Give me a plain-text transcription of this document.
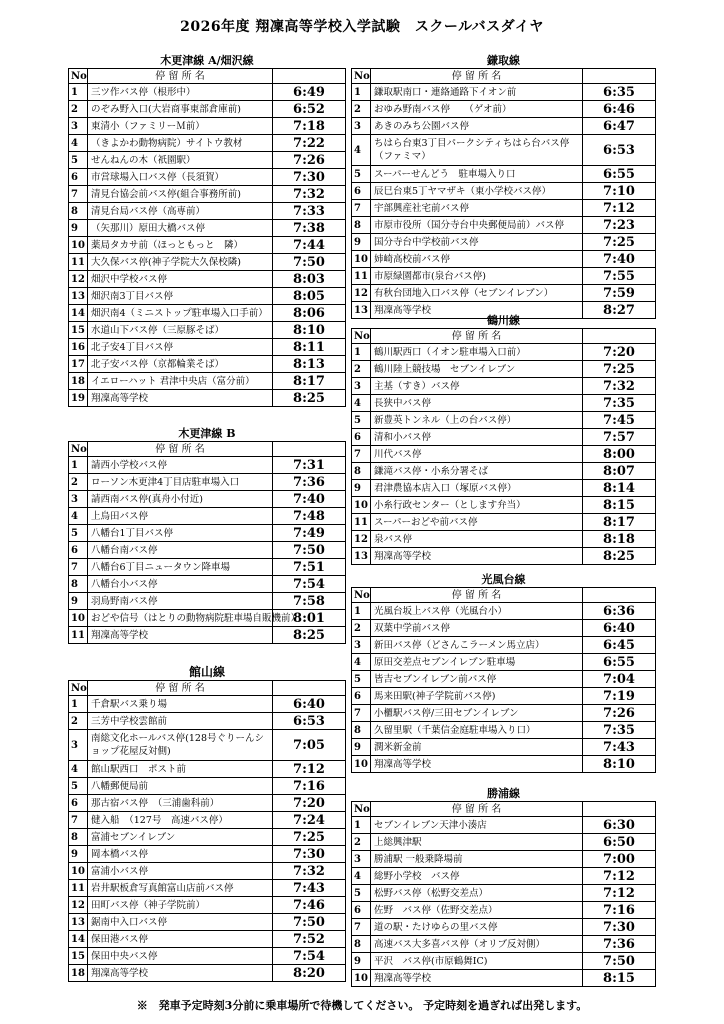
2026年度 翔凜高等学校入学試験　スクールバスダイヤ
木更津線 A/畑沢線
No	停 留 所 名	
1	三ツ作バス停（根形中）	6:49
2	のぞみ野入口(大岩商事東部倉庫前)	6:52
3	東清小（ファミリーＭ前）	7:18
4	（きよかわ動物病院）サイトウ教材	7:22
5	せんねんの木（祇園駅）	7:26
6	市営球場入口バス停（長須賀）	7:30
7	清見台協会前バス停(組合事務所前)	7:32
8	清見台局バス停（高専前）	7:33
9	（矢那川）原田大橋バス停	7:38
10	薬局タカサ前（ほっともっと　隣）	7:44
11	大久保バス停(神子学院大久保校隣)	7:50
12	畑沢中学校バス停	8:03
13	畑沢南3丁目バス停	8:05
14	畑沢南4（ミニストップ駐車場入口手前）	8:06
15	水道山下バス停（三原豚そば）	8:10
16	北子安4丁目バス停	8:11
17	北子安バス停（京都輪業そば）	8:13
18	イエローハット 君津中央店（富分前）	8:17
19	翔凜高等学校	8:25
木更津線 B
No	停 留 所 名	
1	請西小学校バス停	7:31
2	ローソン木更津4丁目店駐車場入口	7:36
3	請西南バス停(真舟小付近)	7:40
4	上烏田バス停	7:48
5	八幡台1丁目バス停	7:49
6	八幡台南バス停	7:50
7	八幡台6丁目ニュータウン降車場	7:51
8	八幡台小バス停	7:54
9	羽鳥野南バス停	7:58
10	おどや信号（はとりの動物病院駐車場自販機前）	8:01
11	翔凜高等学校	8:25
館山線
No	停 留 所 名	
1	千倉駅バス乗り場	6:40
2	三芳中学校雲館前	6:53
3	南総文化ホールバス停(128号ぐりーんショップ花屋反対側)	7:05
4	館山駅西口　ポスト前	7:12
5	八幡郵便局前	7:16
6	那古宿バス停　（三浦歯科前）	7:20
7	健入船　（127号　高速バス停）	7:24
8	富浦セブンイレブン	7:25
9	岡本橋バス停	7:30
10	富浦小バス停	7:32
11	岩井駅板倉写真館富山店前バス停	7:43
12	田町バス停（神子学院前）	7:46
13	鋸南中入口バス停	7:50
14	保田港バス停	7:52
15	保田中央バス停	7:54
18	翔凜高等学校	8:20
鎌取線
No	停 留 所 名	
1	鎌取駅南口・連絡通路下イオン前	6:35
2	おゆみ野南バス停　　（ゲオ前）	6:46
3	あきのみち公園バス停	6:47
4	ちはら台東3丁目パークシティちはら台バス停（ファミマ）	6:53
5	スーパーせんどう　駐車場入り口	6:55
6	辰巳台東5丁ヤマザキ（東小学校バス停）	7:10
7	宇部興産社宅前バス停	7:12
8	市原市役所（国分寺台中央郵便局前）バス停	7:23
9	国分寺台中学校前バス停	7:25
10	姉崎高校前バス停	7:40
11	市原緑園都市(泉台バス停)	7:55
12	有秋台団地入口バス停（セブンイレブン）	7:59
13	翔凜高等学校	8:27
鶴川線
No	停 留 所 名	
1	鶴川駅西口（イオン駐車場入口前）	7:20
2	鶴川陸上競技場　セブンイレブン	7:25
3	主基（すき）バス停	7:32
4	長狭中バス停	7:35
5	新豊英トンネル（上の台バス停）	7:45
6	清和小バス停	7:57
7	川代バス停	8:00
8	鎌滝バス停・小糸分署そば	8:07
9	君津農協本店入口（塚原バス停）	8:14
10	小糸行政センター（とします弁当）	8:15
11	スーパーおどや前バス停	8:17
12	泉バス停	8:18
13	翔凜高等学校	8:25
光風台線
No	停 留 所 名	
1	光風台坂上バス停（光風台小）	6:36
2	双葉中学前バス停	6:40
3	新田バス停（どさんこラーメン馬立店）	6:45
4	原田交差点セブンイレブン駐車場	6:55
5	皆吉セブンイレブン前バス停	7:04
6	馬来田駅(神子学院前バス停)	7:19
7	小櫃駅バス停/三田セブンイレブン	7:26
8	久留里駅（千葉信金庭駐車場入り口）	7:35
9	潤米新金前	7:43
10	翔凜高等学校	8:10
勝浦線
No	停 留 所 名	
1	セブンイレブン天津小湊店	6:30
2	上総興津駅	6:50
3	勝浦駅 一般乗降場前	7:00
4	総野小学校　バス停	7:12
5	松野バス停（松野交差点）	7:12
6	佐野　バス停（佐野交差点）	7:16
7	道の駅・たけゆらの里バス停	7:30
8	高速バス大多喜バス停（オリブ反対側）	7:36
9	平沢　バス停(市原鶴舞IC)	7:50
10	翔凜高等学校	8:15
※　発車予定時刻3分前に乗車場所で待機してください。 予定時刻を過ぎれば出発します。
